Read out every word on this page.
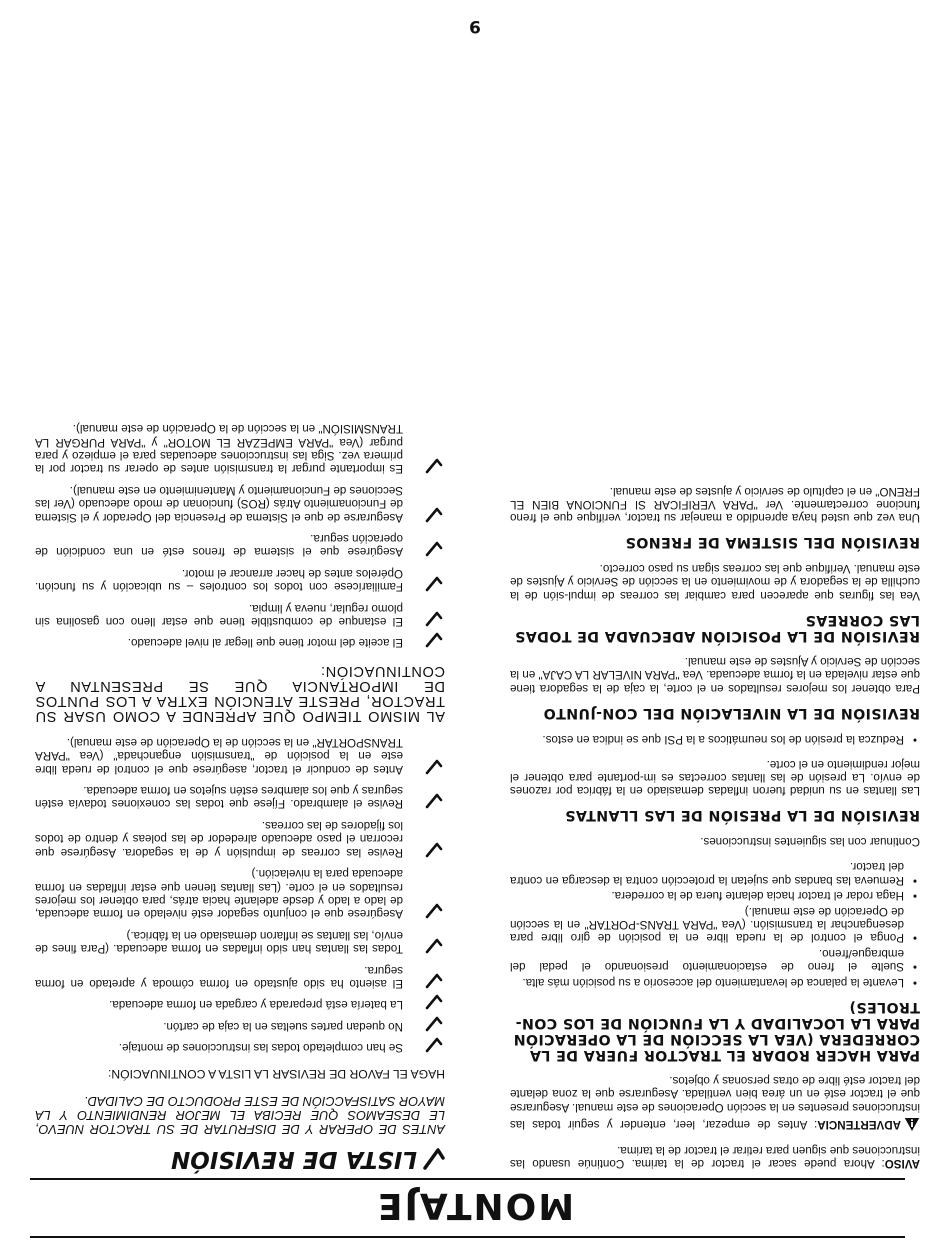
MONTAJE

AVISO: Ahora puede sacar el tractor de la tarima. Continúe usando las instrucciones que siguen para retirar el tractor de la tarima.

ADVERTENCIA: Antes de empezar, leer, entender y seguir todas las instrucciones presentes en la sección Operaciones de este manual. Asegurarse que el tractor esté en un área bien ventilada. Asegurarse que la zona delante del tractor esté libre de otras personas y objetos.

PARA HACER RODAR EL TRACTOR FUERA DE LA CORREDERA (VEA LA SECCIÓN DE LA OPERACIÓN PARA LA LOCALIDAD Y LA FUNCIÓN DE LOS CON-TROLES)
• Levante la palanca de levantamiento del accesorio a su posición más alta.
• Suelte el freno de estacionamiento presionando el pedal del embrague/freno.
• Ponga el control de la rueda libre en la posición de giro libre para desenganchar la transmisión. (Vea "PARA TRANS-PORTAR" en la sección de Operación de este manual.)
• Haga rodar el tractor hacia delante fuera de la corredera.
• Remueva las bandas que sujetan la protección contra la descarga en contra del tractor.

Continuar con las siguientes instrucciones.

REVISIÓN DE LA PRESIÓN DE LAS LLANTAS

Las llantas en su unidad fueron infladas demasiado en la fábrica por razones de envío. La presión de las llantas correctas es im-portante para obtener el mejor rendimiento en el corte.

• Reduzca la presión de los neumáticos a la PSI que se indica en estos.
REVISIÓN DE LA NIVELACIÓN DEL CON-JUNTO

Para obtener los mejores resultados en el corte, la caja de la segadora tiene que estar nivelada en la forma adecuada. Vea "PARA NIVELAR LA CAJA" en la sección de Servicio y Ajustes de este manual.

REVISIÓN DE LA POSICIÓN ADECUADA DE TODAS LAS CORREAS

Vea las figuras que aparecen para cambiar las correas de impul-sión de la cuchilla de la segadora y de movimiento en la sección de Servicio y Ajustes de este manual. Verifique que las correas sigan su paso correcto.

REVISIÓN DEL SISTEMA DE FRENOS

Una vez que usted haya aprendido a manejar su tractor, verifique que el freno funcione correctamente. Ver "PARA VERIFICAR SI FUNCIONA BIEN EL FRENO" en el capítulo de servicio y ajustes de este manual.

LISTA DE REVISIÓN

ANTES DE OPERAR Y DE DISFRUTAR DE SU TRACTOR NUEVO, LE DESEAMOS QUE RECIBA EL MEJOR RENDIMIENTO Y LA MAYOR SATISFACCIÓN DE ESTE PRODUCTO DE CALIDAD.

HAGA EL FAVOR DE REVISAR LA LISTA A CONTINUACIÓN:

Se han completado todas las instrucciones de montaje.
No quedan partes sueltas en la caja de cartón.
La batería está preparada y cargada en forma adecuada.
El asiento ha sido ajustado en forma cómoda y apretado en forma segura.
Todas las llantas han sido infladas en forma adecuada. (Para fines de envío, las llantas se inflaron demasiado en la fábrica.)
Asegúrese que el conjunto segador esté nivelado en forma adecuada, de lado a lado y desde adelante hacia atrás, para obtener los mejores resultados en el corte. (Las llantas tienen que estar infladas en forma adecuada para la nivelación.)
Revise las correas de impulsión y de la segadora. Asegúrese que recorran el paso adecuado alrededor de las poleas y dentro de todos los fijadores de las correas.
Revise el alambrado. Fíjese que todas las conexiones todavía estén seguras y que los alambres estén sujetos en forma adecuada.
Antes de conducir el tractor, asegúrese que el control de rueda libre este en la posición de "transmisión enganchada" (Vea "PARA TRANSPORTAR" en la sección de la Operación de este manual).

AL MISMO TIEMPO QUE APRENDE A COMO USAR SU TRACTOR, PRESTE ATENCIÓN EXTRA A LOS PUNTOS DE IMPORTANCIA QUE SE PRESENTAN A CONTINUACIÓN:

El aceite del motor tiene que llegar al nivel adecuado.
El estanque de combustible tiene que estar lleno con gasolina sin plomo regular, nueva y limpia.
Familiarícese con todos los controles – su ubicación y su función. Opérelos antes de hacer arrancar el motor.
Asegúrese que el sistema de frenos esté en una condición de operación segura.
Asegurarse de que el Sistema de Presencia del Operador y el Sistema de Funcionamiento Atrás (ROS) funcionan de modo adecuado (Ver las Secciones de Funcionamiento y Mantenimiento en este manual).
Es importante purgar la transmisión antes de operar su tractor por la primera vez. Siga las instrucciones adecuadas para el empiezo y para purgar (Vea "PARA EMPEZAR EL MOTOR" y "PARA PURGAR LA TRANSMISIÓN" en la sección de la Operación de este manual).
9
